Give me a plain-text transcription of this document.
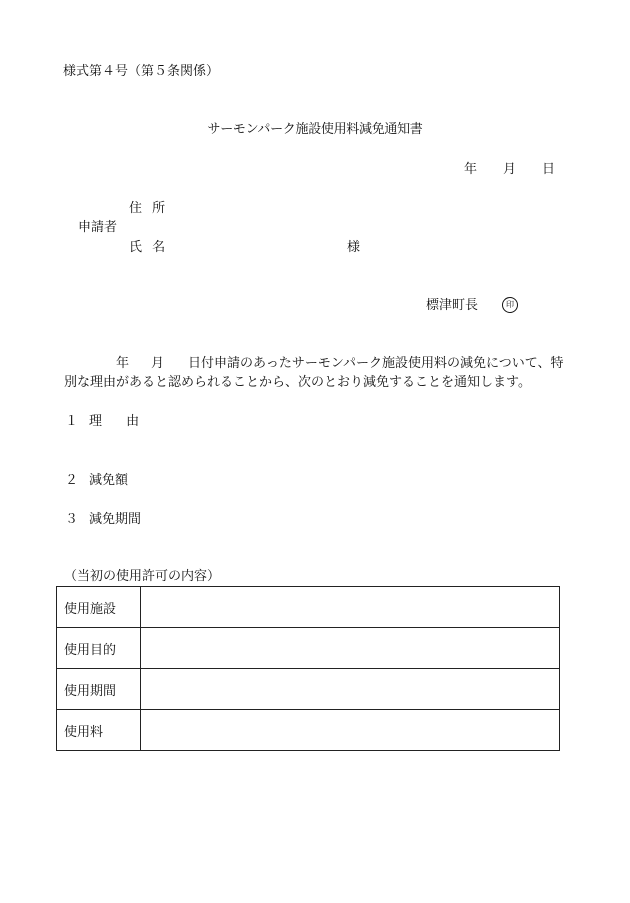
様式第４号（第５条関係）
サーモンパーク施設使用料減免通知書
年 月 日
住 所
申請者
氏 名	様
標津町長	印
年 月 日付申請のあったサーモンパーク施設使用料の減免について、特
別な理由があると認められることから、次のとおり減免することを通知します。
１ 理 由
２ 減免額
３ 減免期間
（当初の使用許可の内容）
使用施設	
使用目的	
使用期間	
使用料	
